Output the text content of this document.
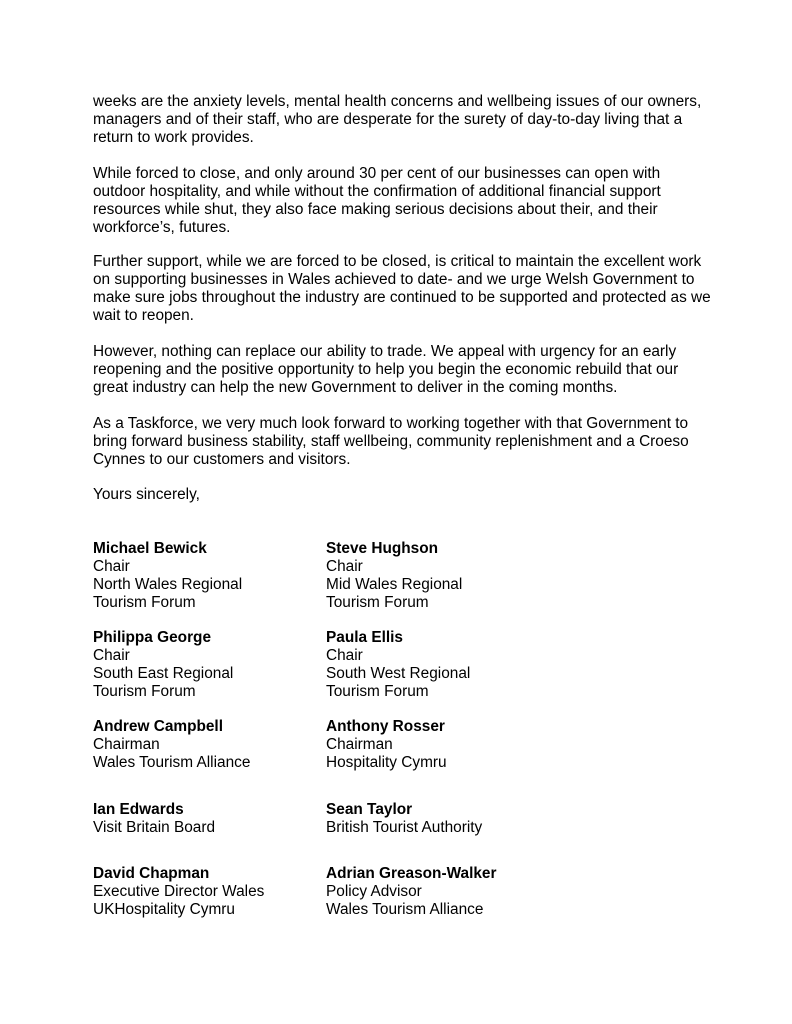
weeks are the anxiety levels, mental health concerns and wellbeing issues of our owners, managers and of their staff, who are desperate for the surety of day-to-day living that a return to work provides.

While forced to close, and only around 30 per cent of our businesses can open with outdoor hospitality, and while without the confirmation of additional financial support resources while shut, they also face making serious decisions about their, and their workforce’s, futures.

Further support, while we are forced to be closed, is critical to maintain the excellent work on supporting businesses in Wales achieved to date- and we urge Welsh Government to make sure jobs throughout the industry are continued to be supported and protected as we wait to reopen.

However, nothing can replace our ability to trade. We appeal with urgency for an early reopening and the positive opportunity to help you begin the economic rebuild that our great industry can help the new Government to deliver in the coming months.

As a Taskforce, we very much look forward to working together with that Government to bring forward business stability, staff wellbeing, community replenishment and a Croeso Cynnes to our customers and visitors.

Yours sincerely,

Michael Bewick
Chair
North Wales Regional
Tourism Forum
Steve Hughson
Chair
Mid Wales Regional
Tourism Forum
Philippa George
Chair
South East Regional
Tourism Forum
Paula Ellis
Chair
South West Regional
Tourism Forum
Andrew Campbell
Chairman
Wales Tourism Alliance
Anthony Rosser
Chairman
Hospitality Cymru
Ian Edwards
Visit Britain Board
Sean Taylor
British Tourist Authority
David Chapman
Executive Director Wales
UKHospitality Cymru
Adrian Greason-Walker
Policy Advisor
Wales Tourism Alliance
